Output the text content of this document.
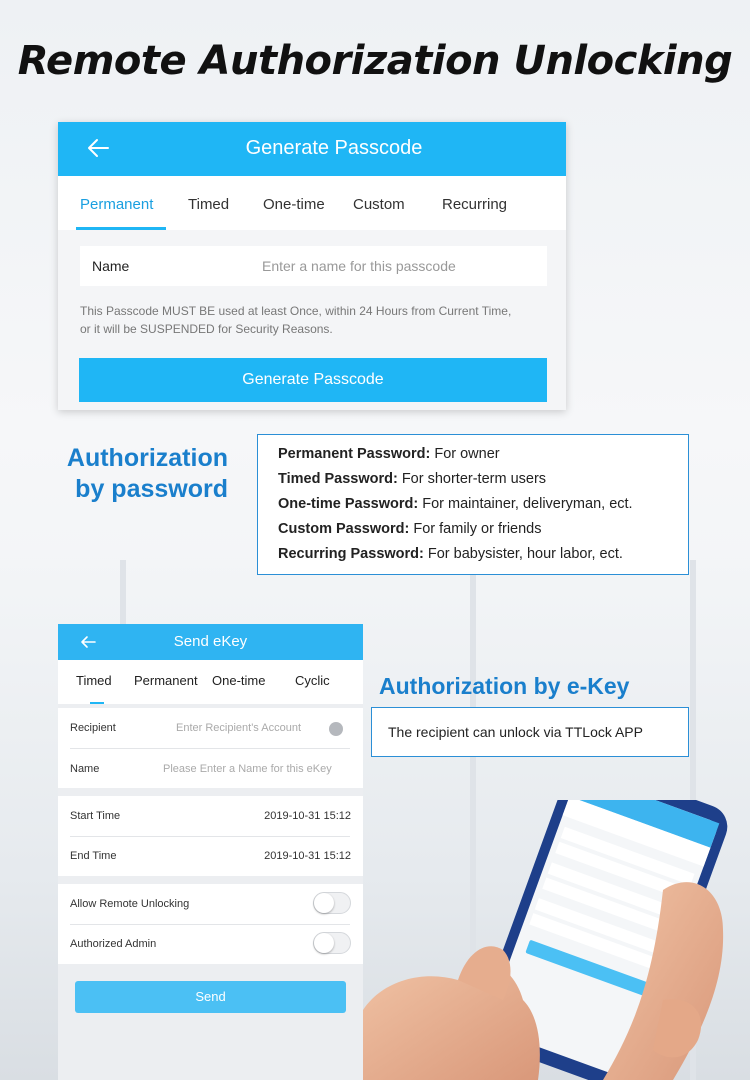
Remote Authorization Unlocking
Generate Passcode
Permanent Timed One-time Custom Recurring
Name	Enter a name for this passcode
This Passcode MUST BE used at least Once, within 24 Hours from Current Time,
or it will be SUSPENDED for Security Reasons.
Generate Passcode
Authorization
by password
Permanent Password: For owner
Timed Password: For shorter-term users
One-time Password: For maintainer, deliveryman, ect.
Custom Password: For family or friends
Recurring Password: For babysister, hour labor, ect.
Send eKey
Timed Permanent One-time Cyclic
Recipient	Enter Recipient's Account
Name	Please Enter a Name for this eKey
Start Time	2019-10-31 15:12
End Time	2019-10-31 15:12
Allow Remote Unlocking
Authorized Admin
Send
Authorization by e-Key
The recipient can unlock via TTLock APP
